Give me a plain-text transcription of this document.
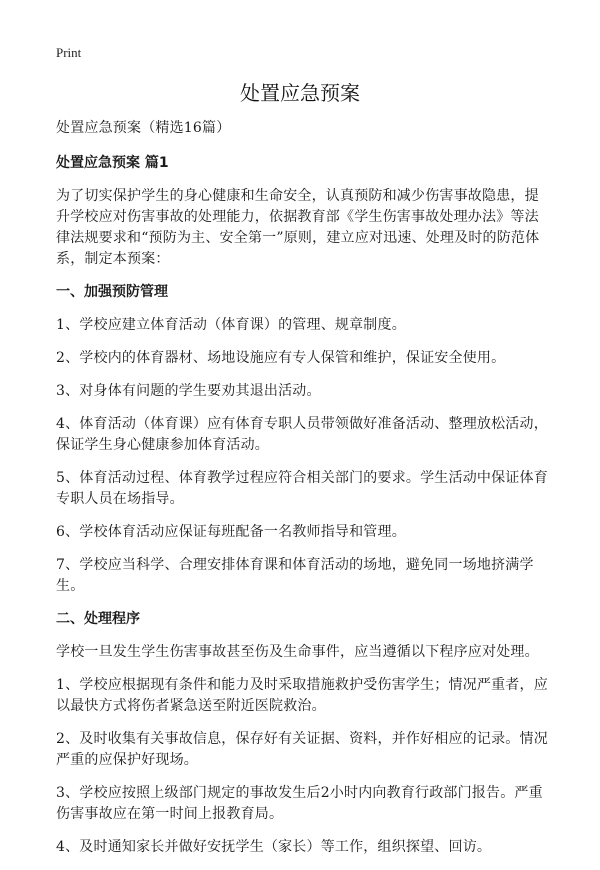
Print
处置应急预案

处置应急预案（精选16篇）

处置应急预案 篇1

为了切实保护学生的身心健康和生命安全，认真预防和减少伤害事故隐患，提升学校应对伤害事故的处理能力，依据教育部《学生伤害事故处理办法》等法律法规要求和“预防为主、安全第一”原则，建立应对迅速、处理及时的防范体系，制定本预案：

一、加强预防管理

1、学校应建立体育活动（体育课）的管理、规章制度。

2、学校内的体育器材、场地设施应有专人保管和维护，保证安全使用。

3、对身体有问题的学生要劝其退出活动。

4、体育活动（体育课）应有体育专职人员带领做好准备活动、整理放松活动，保证学生身心健康参加体育活动。

5、体育活动过程、体育教学过程应符合相关部门的要求。学生活动中保证体育专职人员在场指导。

6、学校体育活动应保证每班配备一名教师指导和管理。

7、学校应当科学、合理安排体育课和体育活动的场地，避免同一场地挤满学生。

二、处理程序

学校一旦发生学生伤害事故甚至伤及生命事件，应当遵循以下程序应对处理。

1、学校应根据现有条件和能力及时采取措施救护受伤害学生；情况严重者，应以最快方式将伤者紧急送至附近医院救治。

2、及时收集有关事故信息，保存好有关证据、资料，并作好相应的记录。情况严重的应保护好现场。

3、学校应按照上级部门规定的事故发生后2小时内向教育行政部门报告。严重伤害事故应在第一时间上报教育局。

4、及时通知家长并做好安抚学生（家长）等工作，组织探望、回访。
